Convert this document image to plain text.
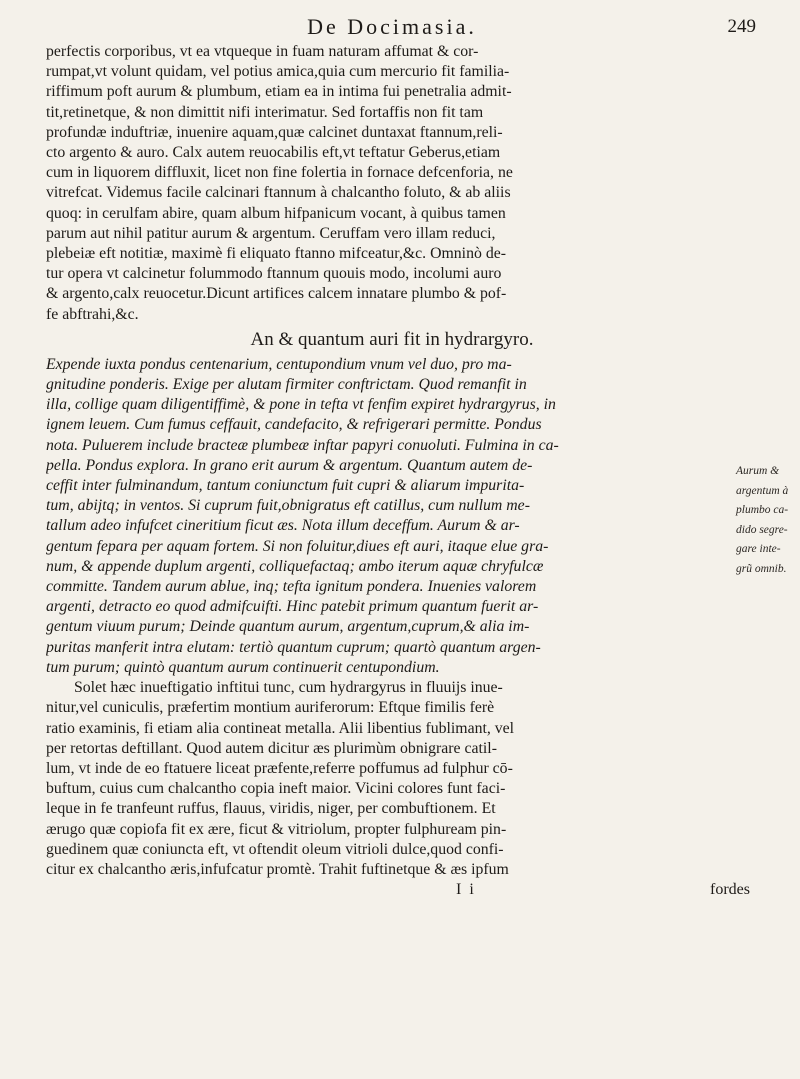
De Docimasia.	249
Aurum &
argentum à
plumbo ca-
dido segre-
gare inte-
grũ omnib.
perfectis corporibus, vt ea vtqueque in fuam naturam affumat & cor-
rumpat,vt volunt quidam, vel potius amica,quia cum mercurio fit familia-
riffimum poft aurum & plumbum, etiam ea in intima fui penetralia admit-
tit,retinetque, & non dimittit nifi interimatur. Sed fortaffis non fit tam
profundæ induftriæ, inuenire aquam,quæ calcinet duntaxat ftannum,reli-
cto argento & auro. Calx autem reuocabilis eft,vt teftatur Geberus,etiam
cum in liquorem diffluxit, licet non fine folertia in fornace defcenforia, ne
vitrefcat. Videmus facile calcinari ftannum à chalcantho foluto, & ab aliis
quoq: in cerulfam abire, quam album hifpanicum vocant, à quibus tamen
parum aut nihil patitur aurum & argentum. Ceruffam vero illam reduci,
plebeiæ eft notitiæ, maximè fi eliquato ftanno mifceatur,&c. Omninò de-
tur opera vt calcinetur folummodo ftannum quouis modo, incolumi auro
& argento,calx reuocetur.Dicunt artifices calcem innatare plumbo & pof-
fe abftrahi,&c.
An & quantum auri fit in hydrargyro.
Expende iuxta pondus centenarium, centupondium vnum vel duo, pro ma-
gnitudine ponderis. Exige per alutam firmiter conftrictam. Quod remanfit in
illa, collige quam diligentiffimè, & pone in tefta vt fenfim expiret hydrargyrus, in
ignem leuem. Cum fumus ceffauit, candefacito, & refrigerari permitte. Pondus
nota. Puluerem include bracteæ plumbeæ inftar papyri conuoluti. Fulmina in ca-
pella. Pondus explora. In grano erit aurum & argentum. Quantum autem de-
ceffit inter fulminandum, tantum coniunctum fuit cupri & aliarum impurita-
tum, abijtq; in ventos. Si cuprum fuit,obnigratus eft catillus, cum nullum me-
tallum adeo infufcet cineritium ficut æs. Nota illum deceffum. Aurum & ar-
gentum fepara per aquam fortem. Si non foluitur,diues eft auri, itaque elue gra-
num, & appende duplum argenti, colliquefactaq; ambo iterum aquæ chryfulcæ
committe. Tandem aurum ablue, inq; tefta ignitum pondera. Inuenies valorem
argenti, detracto eo quod admifcuifti. Hinc patebit primum quantum fuerit ar-
gentum viuum purum; Deinde quantum aurum, argentum,cuprum,& alia im-
puritas manferit intra elutam: tertiò quantum cuprum; quartò quantum argen-
tum purum; quintò quantum aurum continuerit centupondium.
Solet hæc inueftigatio inftitui tunc, cum hydrargyrus in fluuijs inue-
nitur,vel cuniculis, præfertim montium auriferorum: Eftque fimilis ferè
ratio examinis, fi etiam alia contineat metalla. Alii libentius fublimant, vel
per retortas deftillant. Quod autem dicitur æs plurimùm obnigrare catil-
lum, vt inde de eo ftatuere liceat præfente,referre poffumus ad fulphur cō-
buftum, cuius cum chalcantho copia ineft maior. Vicini colores funt faci-
leque in fe tranfeunt ruffus, flauus, viridis, niger, per combuftionem. Et
ærugo quæ copiofa fit ex ære, ficut & vitriolum, propter fulphuream pin-
guedinem quæ coniuncta eft, vt oftendit oleum vitrioli dulce,quod confi-
citur ex chalcantho æris,infufcatur promtè. Trahit fuftinetque & æs ipfum
I i	fordes
